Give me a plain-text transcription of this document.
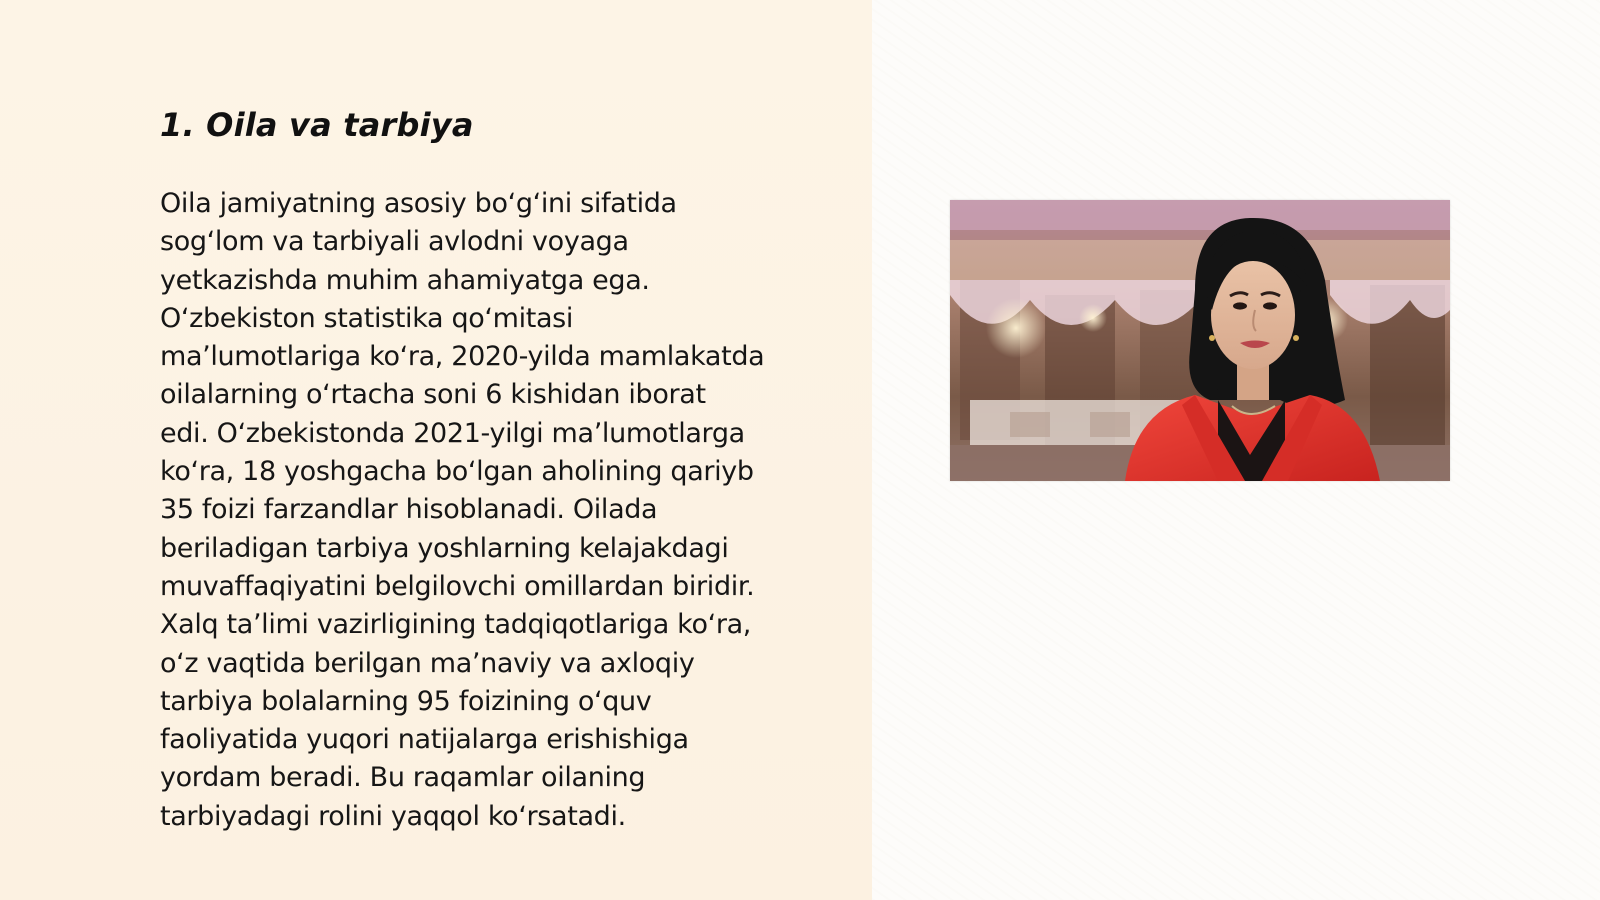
1. Oila va tarbiya

Oila jamiyatning asosiy boʻgʻini sifatida
sogʻlom va tarbiyali avlodni voyaga
yetkazishda muhim ahamiyatga ega.
Oʻzbekiston statistika qoʻmitasi
maʼlumotlariga koʻra, 2020-yilda mamlakatda
oilalarning oʻrtacha soni 6 kishidan iborat
edi. Oʻzbekistonda 2021-yilgi maʼlumotlarga
koʻra, 18 yoshgacha boʻlgan aholining qariyb
35 foizi farzandlar hisoblanadi. Oilada
beriladigan tarbiya yoshlarning kelajakdagi
muvaffaqiyatini belgilovchi omillardan biridir.
Xalq taʼlimi vazirligining tadqiqotlariga koʻra,
oʻz vaqtida berilgan maʼnaviy va axloqiy
tarbiya bolalarning 95 foizining oʻquv
faoliyatida yuqori natijalarga erishishiga
yordam beradi. Bu raqamlar oilaning
tarbiyadagi rolini yaqqol koʻrsatadi.
